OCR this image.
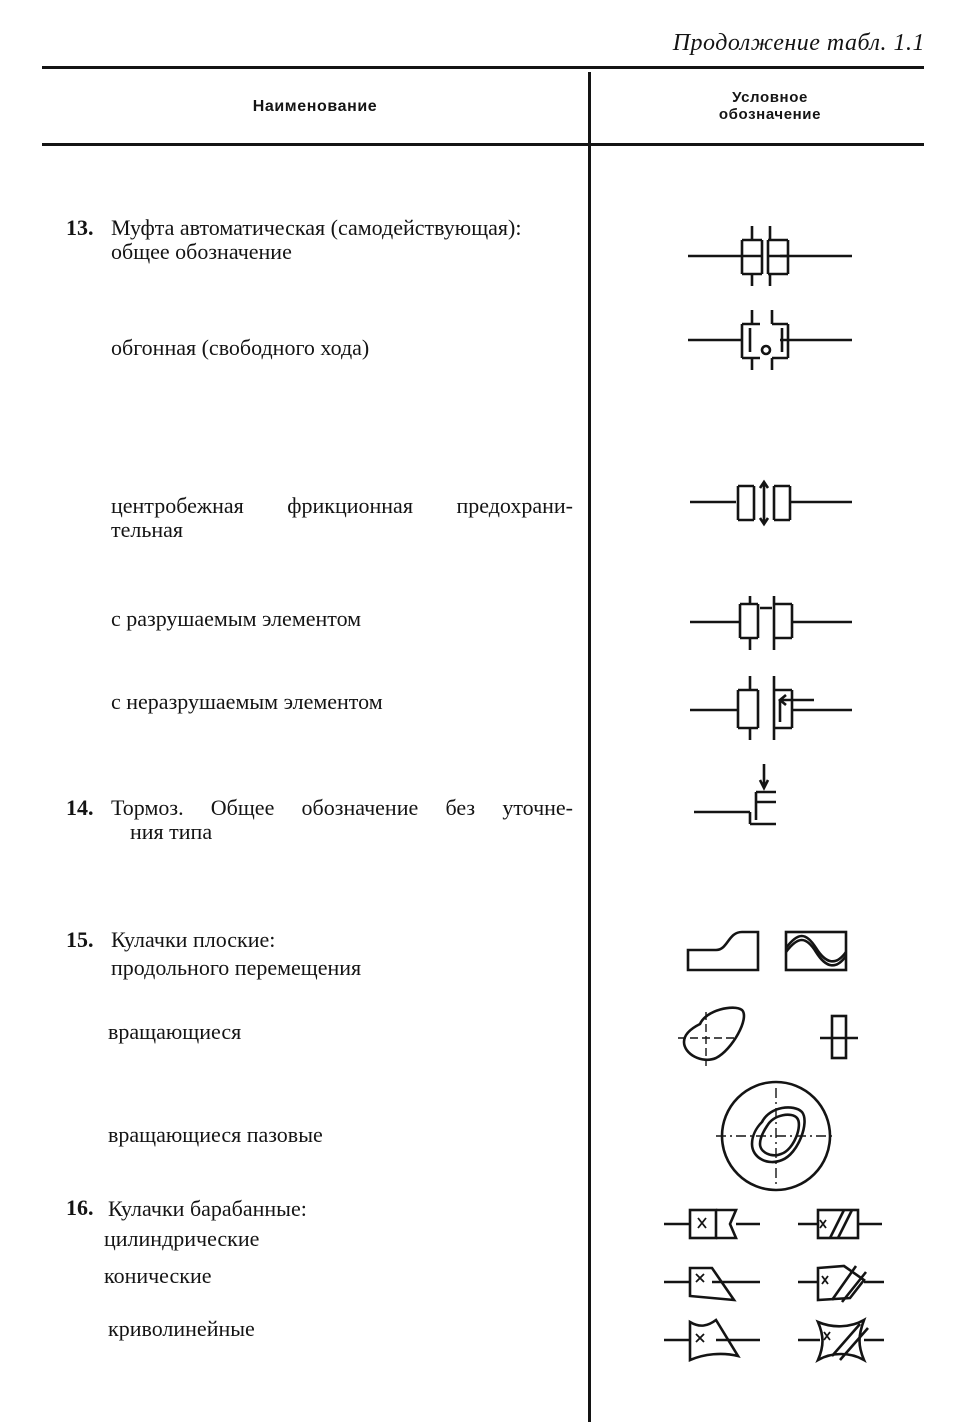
Продолжение табл. 1.1
Наименование
Условное
обозначение
13. Муфта автоматическая (самодействующая):
общее обозначение
обгонная (свободного хода)
центробежная фрикционная предохрани-
тельная
с разрушаемым элементом
с неразрушаемым элементом
14. Тормоз. Общее обозначение без уточне-
ния типа
15. Кулачки плоские:
продольного перемещения
вращающиеся
вращающиеся пазовые
16. Кулачки барабанные:
цилиндрические
конические
криволинейные
